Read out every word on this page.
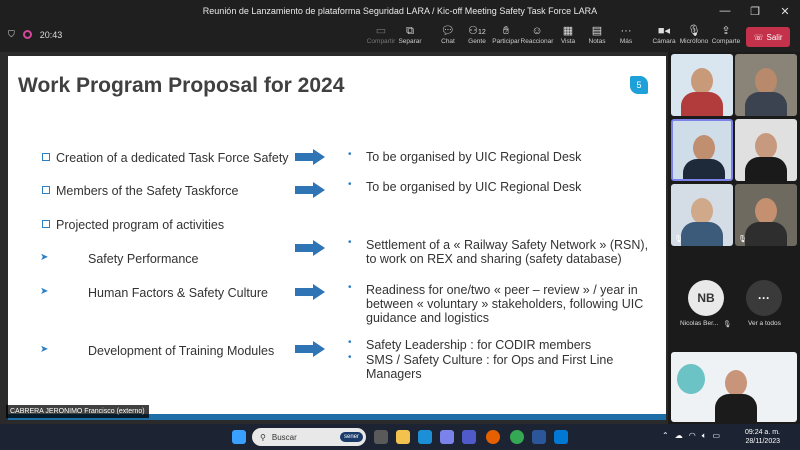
Reunión de Lanzamiento de plataforma Seguridad LARA / Kic-off Meeting Safety Task Force LARA	—	❐	✕
⛉	20:43	▭
Compartir
⧉
Separar
💬︎
Chat
⚇12
Gente
✋︎
Participar
☺
Reaccionar
▦
Vista
▤
Notas
···
Más
■◂
Cámara
🎙︎
Micrófono
⇪
Comparte ☏ Salir
Work Program Proposal for 2024	5
Creation of a dedicated Task Force Safety
Members of the Safety Taskforce
Projected program of activities
➤	Safety Performance
➤	Human Factors & Safety Culture
➤	Development of Training Modules
• To be organised by UIC Regional Desk
• To be organised by UIC Regional Desk
• Settlement of a « Railway Safety Network » (RSN), to work on REX and sharing (safety database)
• Readiness for one/two « peer – review » / year in between « voluntary » stakeholders, following UIC guidance and logistics
• Safety Leadership : for CODIR members
• SMS / Safety Culture : for Ops and First Line Managers
CABRERA JERONIMO Francisco (externo)
🎙︎	🎙︎
NB
Nicolas Ber... 🎙︎
···
Ver a todos
⚲ Buscar	sener	⌃ ☁ ◠ 🔈︎ ▭	09:24 a. m.
28/11/2023
